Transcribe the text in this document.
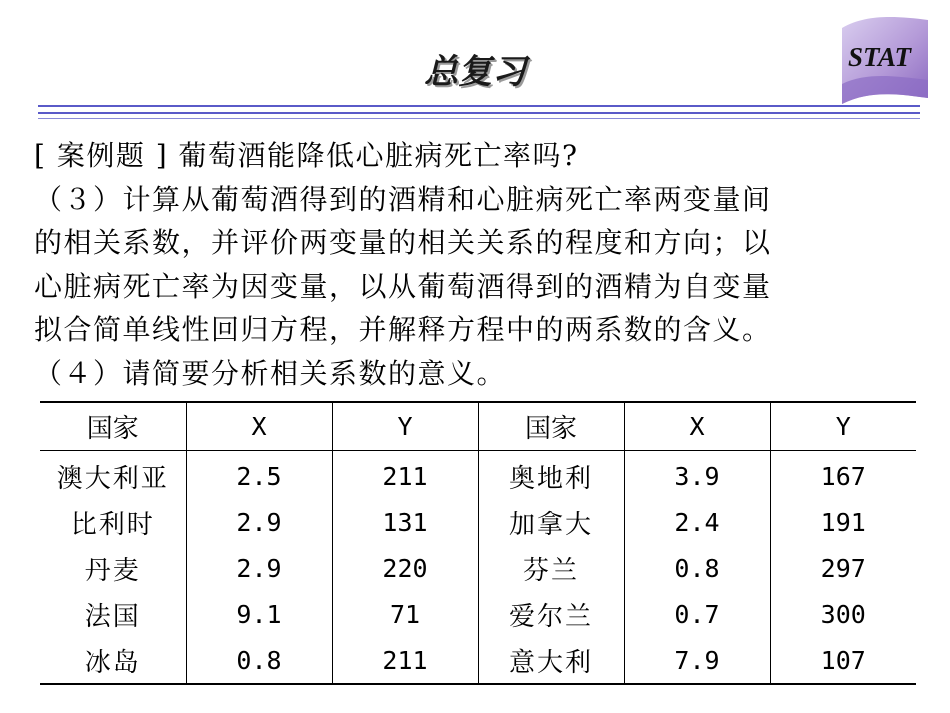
总复习	STAT

[ 案例题 ] 葡萄酒能降低心脏病死亡率吗?

（３）计算从葡萄酒得到的酒精和心脏病死亡率两变量间

的相关系数，并评价两变量的相关关系的程度和方向；以

心脏病死亡率为因变量，以从葡萄酒得到的酒精为自变量

拟合简单线性回归方程，并解释方程中的两系数的含义。

（４）请简要分析相关系数的意义。

国家	X	Y	国家	X	Y
澳大利亚	2.5	211	奥地利	3.9	167
比利时	2.9	131	加拿大	2.4	191
丹麦	2.9	220	芬兰	0.8	297
法国	9.1	71	爱尔兰	0.7	300
冰岛	0.8	211	意大利	7.9	107
